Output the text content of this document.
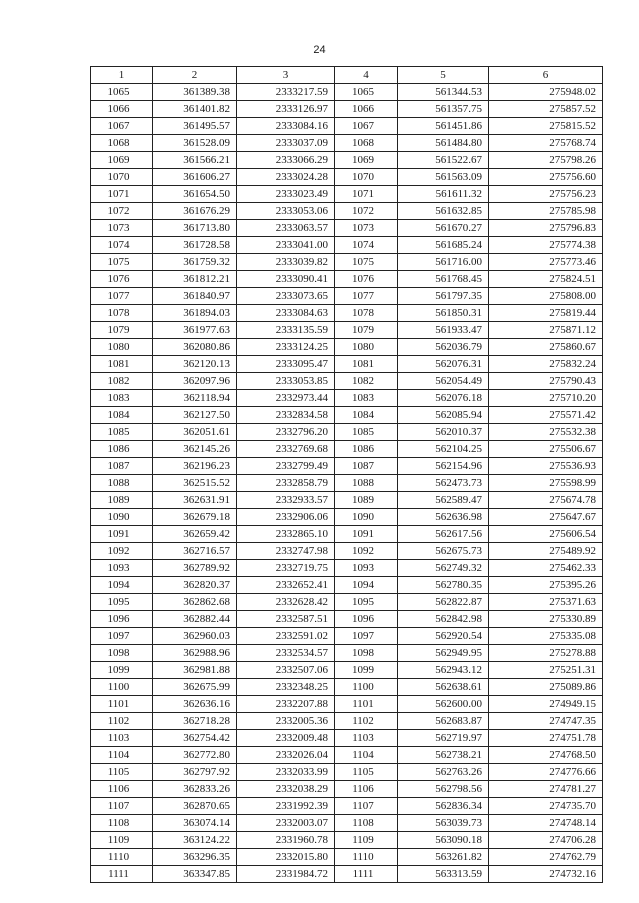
24
1	2	3	4	5	6
1065	361389.38	2333217.59	1065	561344.53	275948.02
1066	361401.82	2333126.97	1066	561357.75	275857.52
1067	361495.57	2333084.16	1067	561451.86	275815.52
1068	361528.09	2333037.09	1068	561484.80	275768.74
1069	361566.21	2333066.29	1069	561522.67	275798.26
1070	361606.27	2333024.28	1070	561563.09	275756.60
1071	361654.50	2333023.49	1071	561611.32	275756.23
1072	361676.29	2333053.06	1072	561632.85	275785.98
1073	361713.80	2333063.57	1073	561670.27	275796.83
1074	361728.58	2333041.00	1074	561685.24	275774.38
1075	361759.32	2333039.82	1075	561716.00	275773.46
1076	361812.21	2333090.41	1076	561768.45	275824.51
1077	361840.97	2333073.65	1077	561797.35	275808.00
1078	361894.03	2333084.63	1078	561850.31	275819.44
1079	361977.63	2333135.59	1079	561933.47	275871.12
1080	362080.86	2333124.25	1080	562036.79	275860.67
1081	362120.13	2333095.47	1081	562076.31	275832.24
1082	362097.96	2333053.85	1082	562054.49	275790.43
1083	362118.94	2332973.44	1083	562076.18	275710.20
1084	362127.50	2332834.58	1084	562085.94	275571.42
1085	362051.61	2332796.20	1085	562010.37	275532.38
1086	362145.26	2332769.68	1086	562104.25	275506.67
1087	362196.23	2332799.49	1087	562154.96	275536.93
1088	362515.52	2332858.79	1088	562473.73	275598.99
1089	362631.91	2332933.57	1089	562589.47	275674.78
1090	362679.18	2332906.06	1090	562636.98	275647.67
1091	362659.42	2332865.10	1091	562617.56	275606.54
1092	362716.57	2332747.98	1092	562675.73	275489.92
1093	362789.92	2332719.75	1093	562749.32	275462.33
1094	362820.37	2332652.41	1094	562780.35	275395.26
1095	362862.68	2332628.42	1095	562822.87	275371.63
1096	362882.44	2332587.51	1096	562842.98	275330.89
1097	362960.03	2332591.02	1097	562920.54	275335.08
1098	362988.96	2332534.57	1098	562949.95	275278.88
1099	362981.88	2332507.06	1099	562943.12	275251.31
1100	362675.99	2332348.25	1100	562638.61	275089.86
1101	362636.16	2332207.88	1101	562600.00	274949.15
1102	362718.28	2332005.36	1102	562683.87	274747.35
1103	362754.42	2332009.48	1103	562719.97	274751.78
1104	362772.80	2332026.04	1104	562738.21	274768.50
1105	362797.92	2332033.99	1105	562763.26	274776.66
1106	362833.26	2332038.29	1106	562798.56	274781.27
1107	362870.65	2331992.39	1107	562836.34	274735.70
1108	363074.14	2332003.07	1108	563039.73	274748.14
1109	363124.22	2331960.78	1109	563090.18	274706.28
1110	363296.35	2332015.80	1110	563261.82	274762.79
1111	363347.85	2331984.72	1111	563313.59	274732.16
